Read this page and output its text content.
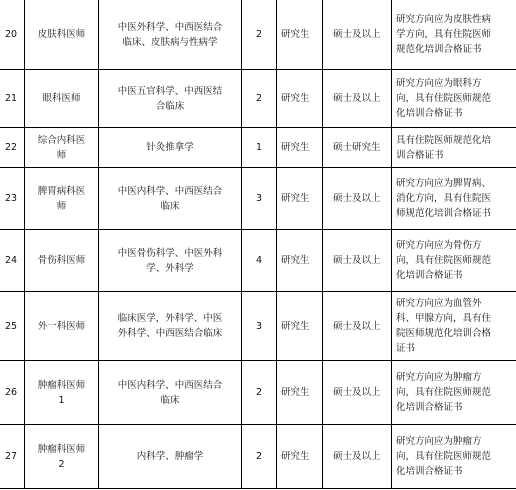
20	皮肤科医师	中医外科学、中西医结合
临床、皮肤病与性病学	2	研究生	硕士及以上	研究方向应为皮肤性病
学方向，具有住院医师
规范化培训合格证书

21	眼科医师	中医五官科学、中西医结
合临床	2	研究生	硕士及以上	研究方向应为眼科方
向，具有住院医师规范
化培训合格证书

22	综合内科医
师	针灸推拿学	1	研究生	硕士研究生	具有住院医师规范化培
训合格证书

23	脾胃病科医
师	中医内科学、中西医结合
临床	3	研究生	硕士及以上	研究方向应为脾胃病、
消化方向，具有住院医
师规范化培训合格证书

24	骨伤科医师	中医骨伤科学、中医外科
学、外科学	4	研究生	硕士及以上	研究方向应为骨伤方
向，具有住院医师规范
化培训合格证书

25	外一科医师	临床医学，外科学、中医
外科学、中西医结合临床	3	研究生	硕士及以上	研究方向应为血管外
科、甲腺方向，具有住
院医师规范化培训合格
证书

26	肿瘤科医师
1	中医内科学、中西医结合
临床	2	研究生	硕士及以上	研究方向应为肿瘤方
向，具有住院医师规范
化培训合格证书

27	肿瘤科医师
2	内科学、肿瘤学	2	研究生	硕士及以上	研究方向应为肿瘤方
向，具有住院医师规范
化培训合格证书
